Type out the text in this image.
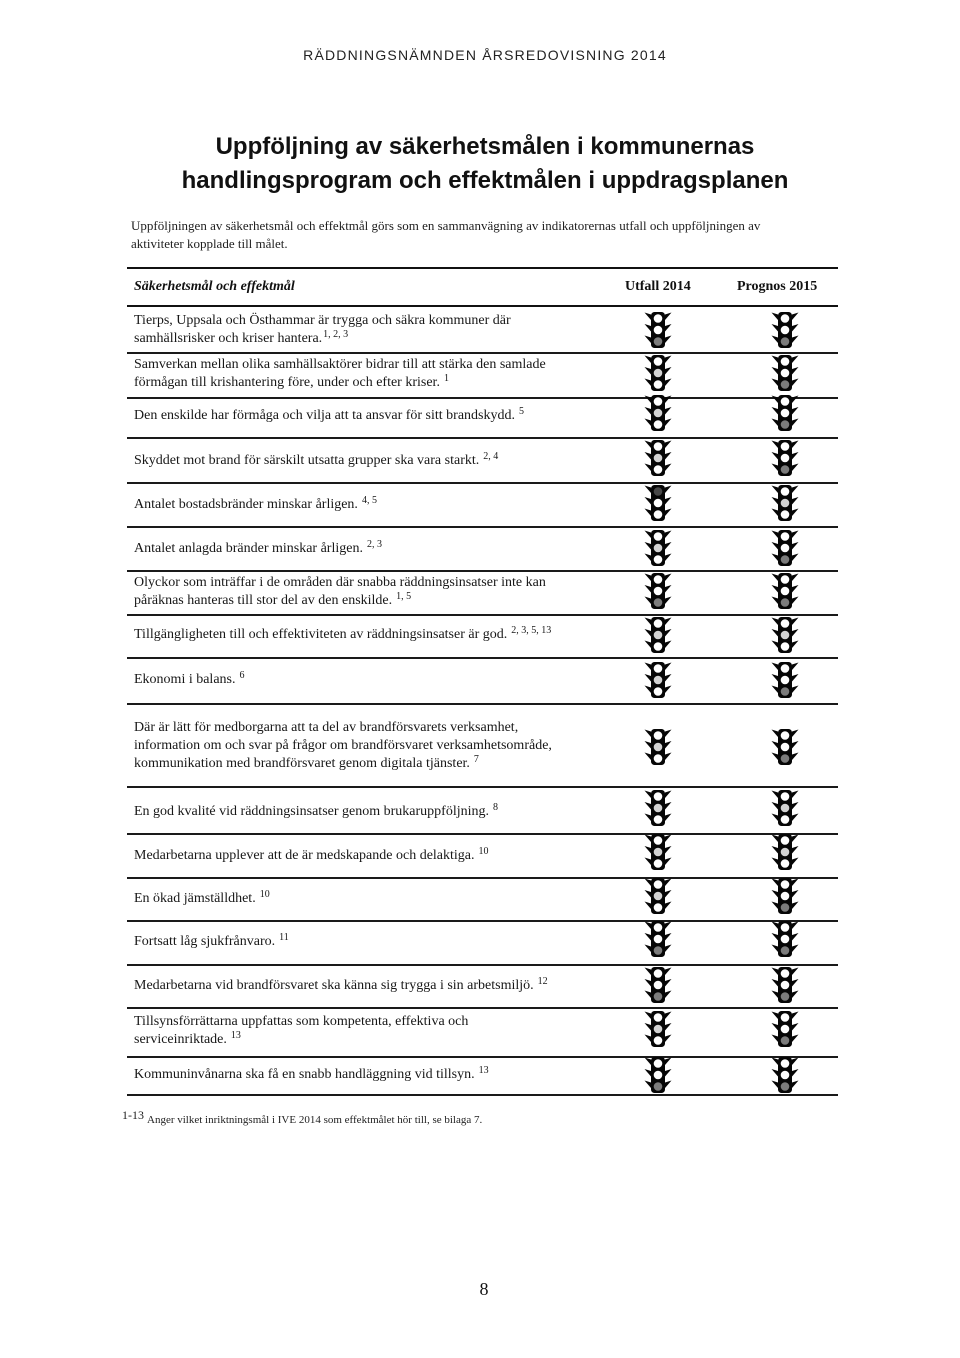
RÄDDNINGSNÄMNDEN ÅRSREDOVISNING 2014
Uppföljning av säkerhetsmålen i kommunernas
handlingsprogram och effektmålen i uppdragsplanen
Uppföljningen av säkerhetsmål och effektmål görs som en sammanvägning av indikatorernas utfall och uppföljningen av
aktiviteter kopplade till målet.
Säkerhetsmål och effektmål	Utfall 2014	Prognos 2015
Tierps, Uppsala och Östhammar är trygga och säkra kommuner där
samhällsrisker och kriser hantera.$^{1, 2, 3}$
Samverkan mellan olika samhällsaktörer bidrar till att stärka den samlade
förmågan till krishantering före, under och efter kriser. $^1$
Den enskilde har förmåga och vilja att ta ansvar för sitt brandskydd. $^5$
Skyddet mot brand för särskilt utsatta grupper ska vara starkt. $^{2, 4}$
Antalet bostadsbränder minskar årligen. $^{4, 5}$
Antalet anlagda bränder minskar årligen. $^{2, 3}$
Olyckor som inträffar i de områden där snabba räddningsinsatser inte kan
påräknas hanteras till stor del av den enskilde. $^{1, 5}$
Tillgängligheten till och effektiviteten av räddningsinsatser är god. $^{2, 3, 5, 13}$
Ekonomi i balans. $^6$
Där är lätt för medborgarna att ta del av brandförsvarets verksamhet,
information om och svar på frågor om brandförsvaret verksamhetsområde,
kommunikation med brandförsvaret genom digitala tjänster. $^7$
En god kvalité vid räddningsinsatser genom brukaruppföljning. $^8$
Medarbetarna upplever att de är medskapande och delaktiga. $^{10}$
En ökad jämställdhet. $^{10}$
Fortsatt låg sjukfrånvaro. $^{11}$
Medarbetarna vid brandförsvaret ska känna sig trygga i sin arbetsmiljö. $^{12}$
Tillsynsförrättarna uppfattas som kompetenta, effektiva och
serviceinriktade. $^{13}$
Kommuninvånarna ska få en snabb handläggning vid tillsyn. $^{13}$
$^{1-13}$ Anger vilket inriktningsmål i IVE 2014 som effektmålet hör till, se bilaga 7.
8
